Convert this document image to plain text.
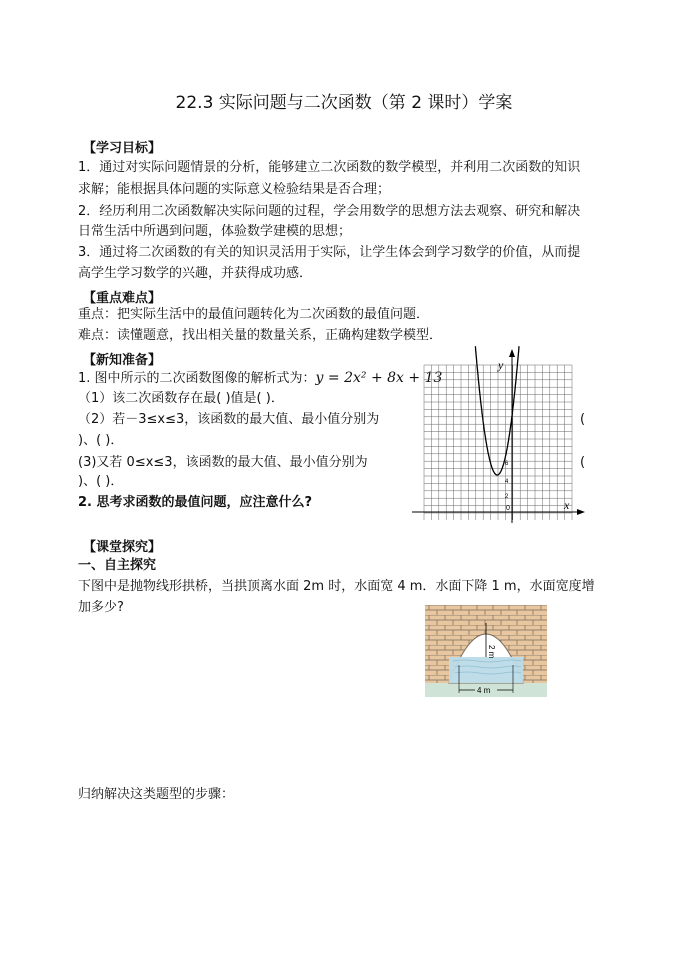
22.3 实际问题与二次函数（第 2 课时）学案
【学习目标】
1．通过对实际问题情景的分析，能够建立二次函数的数学模型，并利用二次函数的知识
求解；能根据具体问题的实际意义检验结果是否合理；
2．经历利用二次函数解决实际问题的过程，学会用数学的思想方法去观察、研究和解决
日常生活中所遇到问题，体验数学建模的思想；
3．通过将二次函数的有关的知识灵活用于实际，让学生体会到学习数学的价值，从而提
高学生学习数学的兴趣，并获得成功感．
【重点难点】
重点：把实际生活中的最值问题转化为二次函数的最值问题．
难点：读懂题意，找出相关量的数量关系，正确构建数学模型．
【新知准备】
1. 图中所示的二次函数图像的解析式为：y = 2x² + 8x + 13
（1）该二次函数存在最( )值是( )．
（2）若－3≤x≤3，该函数的最大值、最小值分别为	(
)、( )．
(3)又若 0≤x≤3，该函数的最大值、最小值分别为	(
)、( )．
2. 思考求函数的最值问题，应注意什么?
y
x
0
2
4
6
【课堂探究】
一、自主探究
下图中是抛物线形拱桥，当拱顶离水面 2m 时，水面宽 4 m．水面下降 1 m，水面宽度增
加多少?
2 m
4 m
归纳解决这类题型的步骤：
